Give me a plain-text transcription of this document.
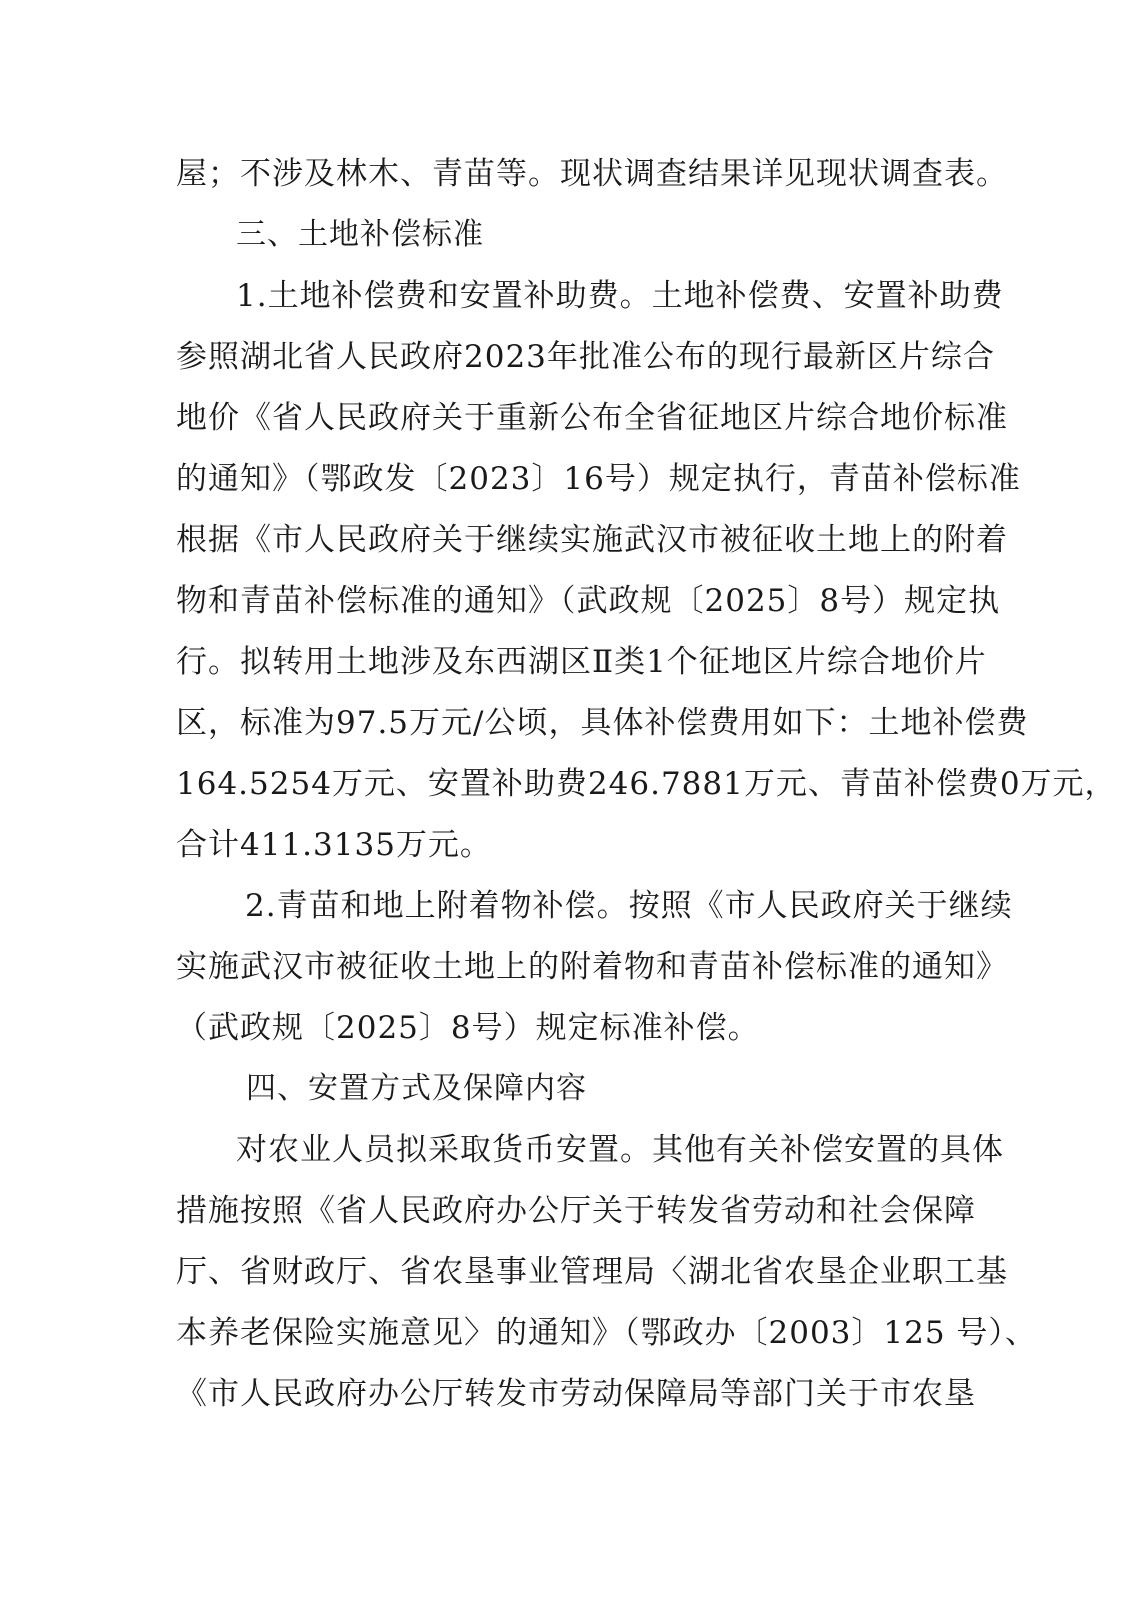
屋；不涉及林木、青苗等。现状调查结果详见现状调查表。
三、土地补偿标准
1.土地补偿费和安置补助费。土地补偿费、安置补助费
参照湖北省人民政府2023年批准公布的现行最新区片综合
地价《省人民政府关于重新公布全省征地区片综合地价标准
的通知》（鄂政发〔2023〕16号）规定执行，青苗补偿标准
根据《市人民政府关于继续实施武汉市被征收土地上的附着
物和青苗补偿标准的通知》（武政规〔2025〕8号）规定执
行。拟转用土地涉及东西湖区Ⅱ类1个征地区片综合地价片
区，标准为97.5万元/公顷，具体补偿费用如下：土地补偿费
164.5254万元、安置补助费246.7881万元、青苗补偿费0万元，
合计411.3135万元。
2.青苗和地上附着物补偿。按照《市人民政府关于继续
实施武汉市被征收土地上的附着物和青苗补偿标准的通知》
（武政规〔2025〕8号）规定标准补偿。
四、安置方式及保障内容
对农业人员拟采取货币安置。其他有关补偿安置的具体
措施按照《省人民政府办公厅关于转发省劳动和社会保障
厅、省财政厅、省农垦事业管理局〈湖北省农垦企业职工基
本养老保险实施意见〉的通知》（鄂政办〔2003〕125 号）、
《市人民政府办公厅转发市劳动保障局等部门关于市农垦
